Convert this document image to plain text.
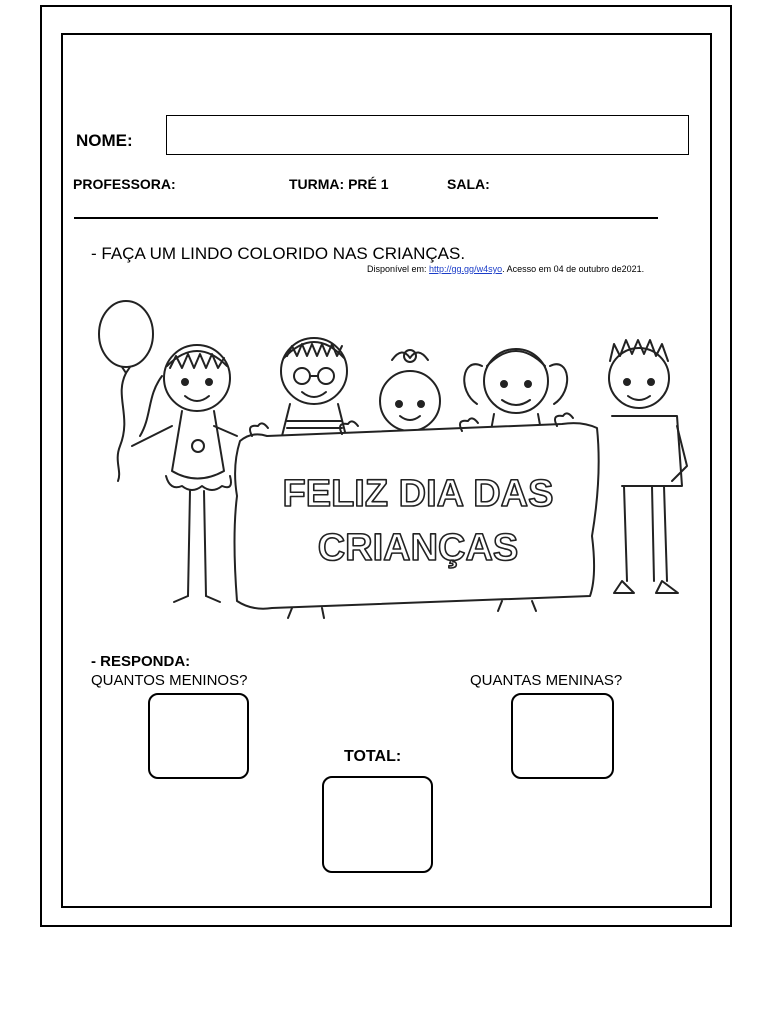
NOME:
PROFESSORA:	TURMA: PRÉ 1	SALA:
- FAÇA UM LINDO COLORIDO NAS CRIANÇAS.
Disponível em: http://gg.gg/w4syo. Acesso em 04 de outubro de2021.
FELIZ DIA DAS
CRIANÇAS
- RESPONDA:
QUANTOS MENINOS?	QUANTAS MENINAS?
TOTAL:
